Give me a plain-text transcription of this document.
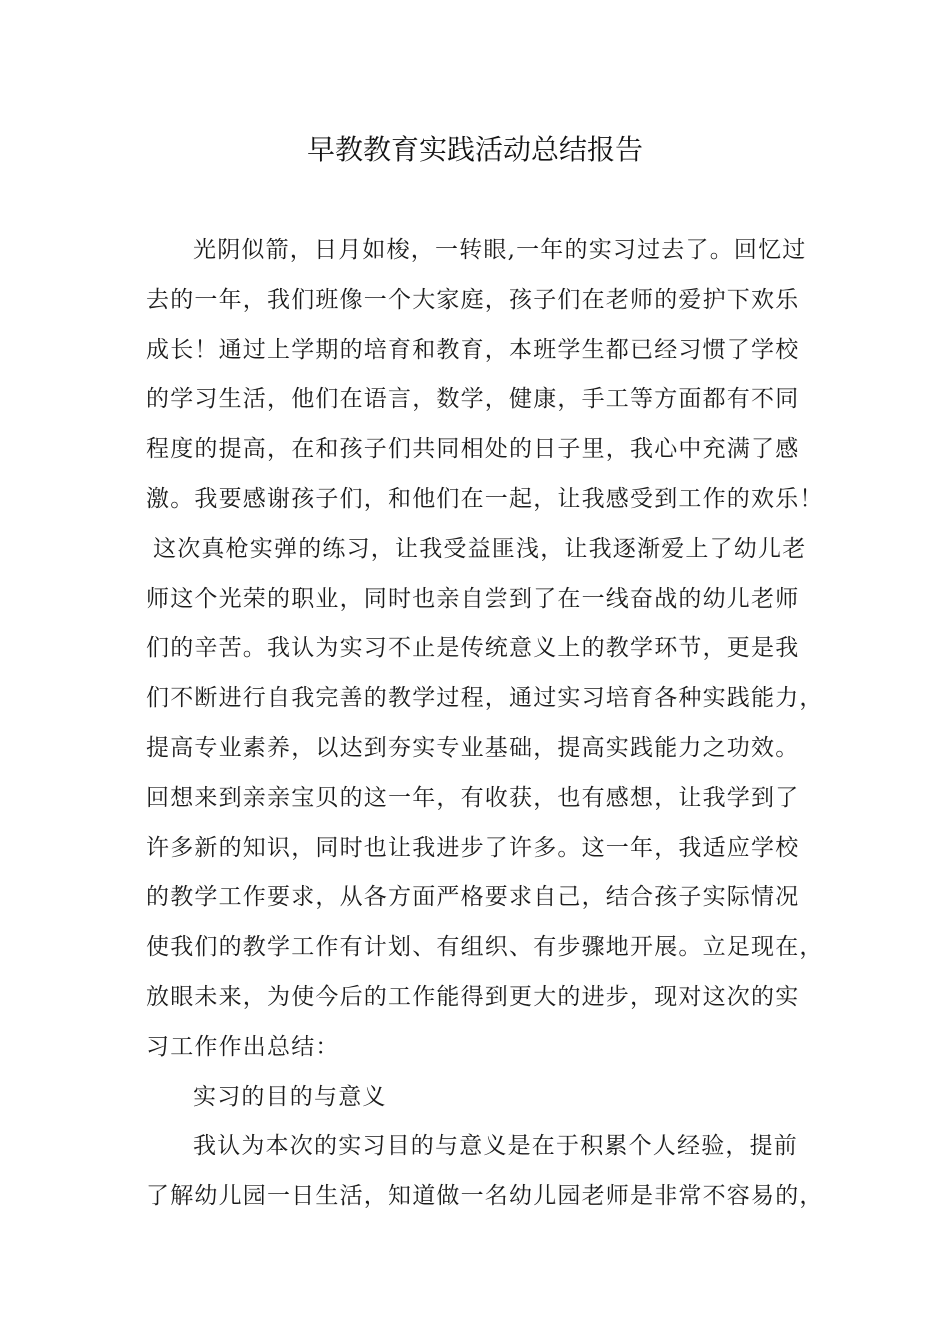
早教教育实践活动总结报告
光阴似箭，日月如梭，一转眼,一年的实习过去了。回忆过
去的一年，我们班像一个大家庭，孩子们在老师的爱护下欢乐
成长！通过上学期的培育和教育，本班学生都已经习惯了学校
的学习生活，他们在语言，数学，健康，手工等方面都有不同
程度的提高，在和孩子们共同相处的日子里，我心中充满了感
激。我要感谢孩子们，和他们在一起，让我感受到工作的欢乐！
这次真枪实弹的练习，让我受益匪浅，让我逐渐爱上了幼儿老
师这个光荣的职业，同时也亲自尝到了在一线奋战的幼儿老师
们的辛苦。我认为实习不止是传统意义上的教学环节，更是我
们不断进行自我完善的教学过程，通过实习培育各种实践能力，
提高专业素养，以达到夯实专业基础，提高实践能力之功效。
回想来到亲亲宝贝的这一年，有收获，也有感想，让我学到了
许多新的知识，同时也让我进步了许多。这一年，我适应学校
的教学工作要求，从各方面严格要求自己，结合孩子实际情况
使我们的教学工作有计划、有组织、有步骤地开展。立足现在，
放眼未来，为使今后的工作能得到更大的进步，现对这次的实
习工作作出总结：
实习的目的与意义
我认为本次的实习目的与意义是在于积累个人经验，提前
了解幼儿园一日生活，知道做一名幼儿园老师是非常不容易的，
